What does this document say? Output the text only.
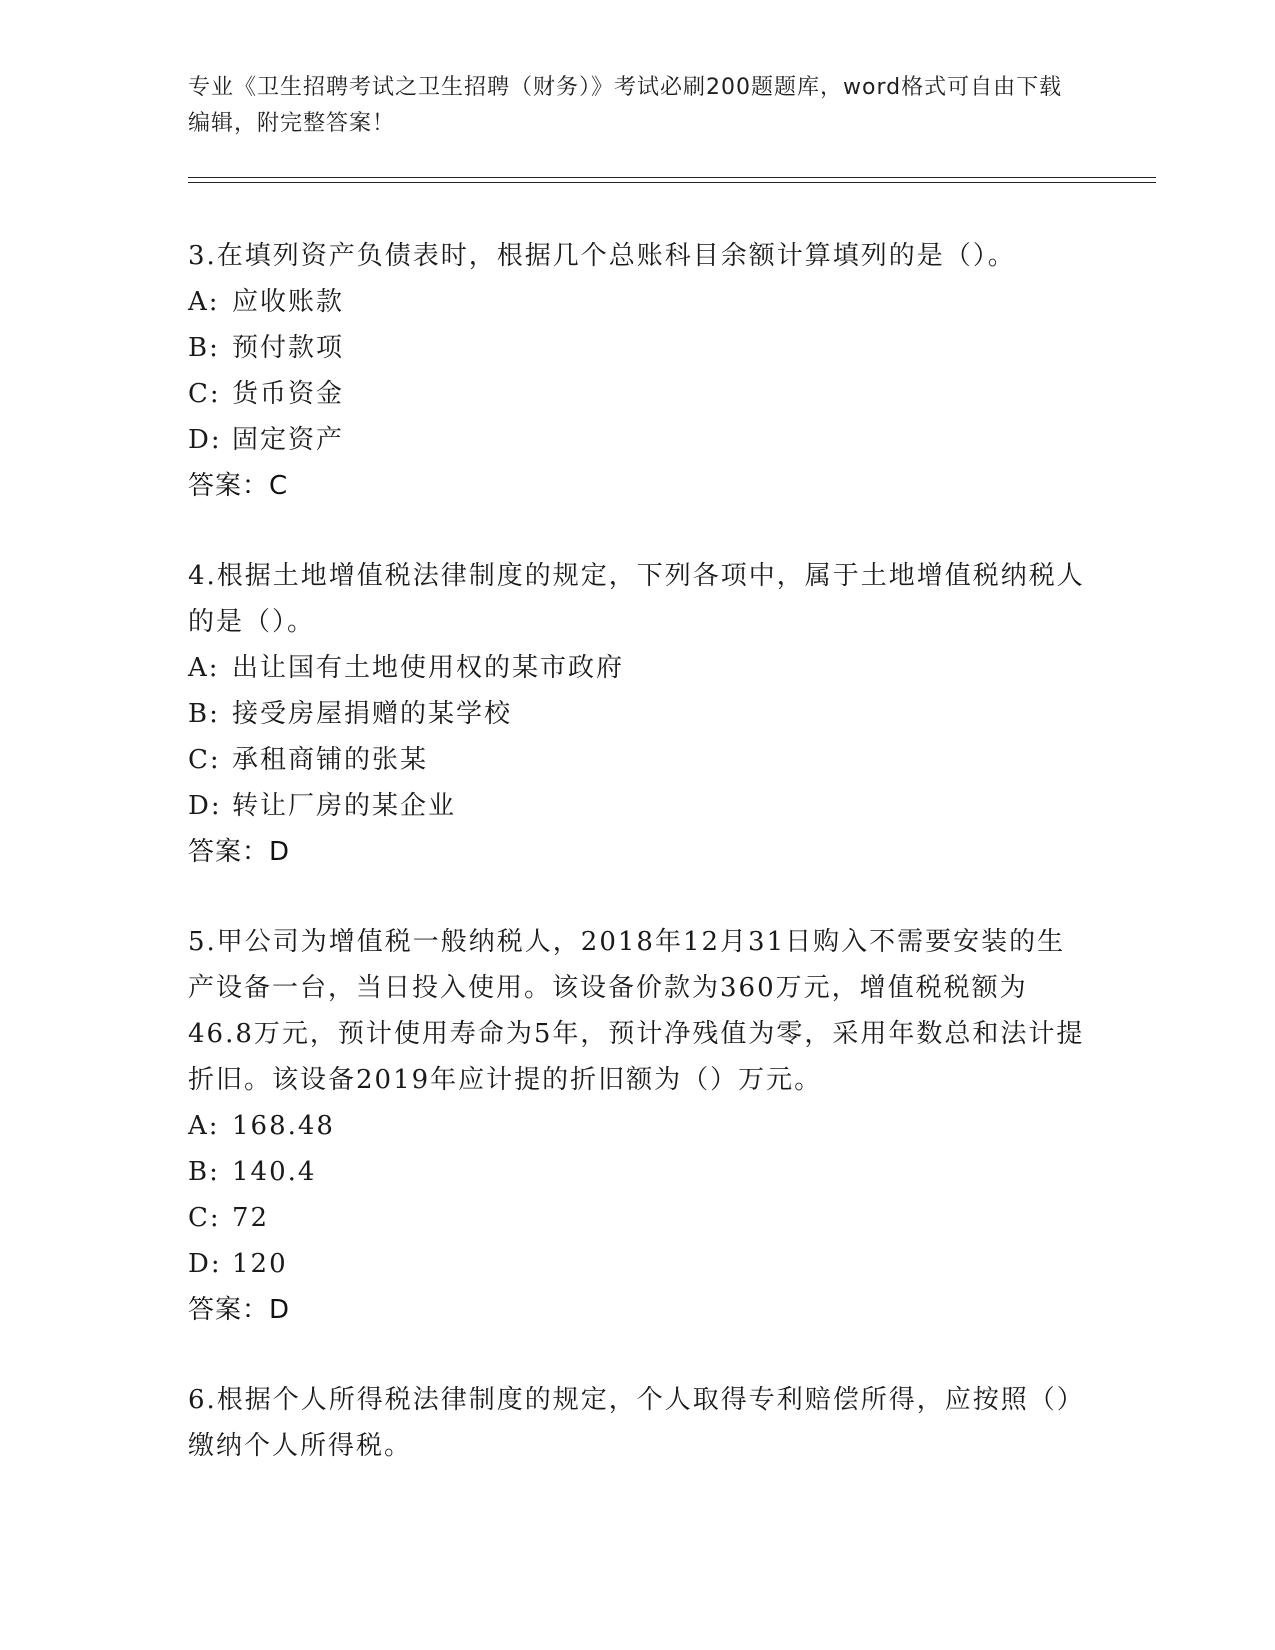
专业《卫生招聘考试之卫生招聘（财务）》考试必刷200题题库，word格式可自由下载编辑，附完整答案！
3.在填列资产负债表时，根据几个总账科目余额计算填列的是（）。
A: 应收账款
B: 预付款项
C: 货币资金
D: 固定资产
答案：C
4.根据土地增值税法律制度的规定，下列各项中，属于土地增值税纳税人的是（）。
A: 出让国有土地使用权的某市政府
B: 接受房屋捐赠的某学校
C: 承租商铺的张某
D: 转让厂房的某企业
答案：D
5.甲公司为增值税一般纳税人，2018年12月31日购入不需要安装的生产设备一台，当日投入使用。该设备价款为360万元，增值税税额为46.8万元，预计使用寿命为5年，预计净残值为零，采用年数总和法计提折旧。该设备2019年应计提的折旧额为（）万元。
A: 168.48
B: 140.4
C: 72
D: 120
答案：D
6.根据个人所得税法律制度的规定，个人取得专利赔偿所得，应按照（）缴纳个人所得税。
